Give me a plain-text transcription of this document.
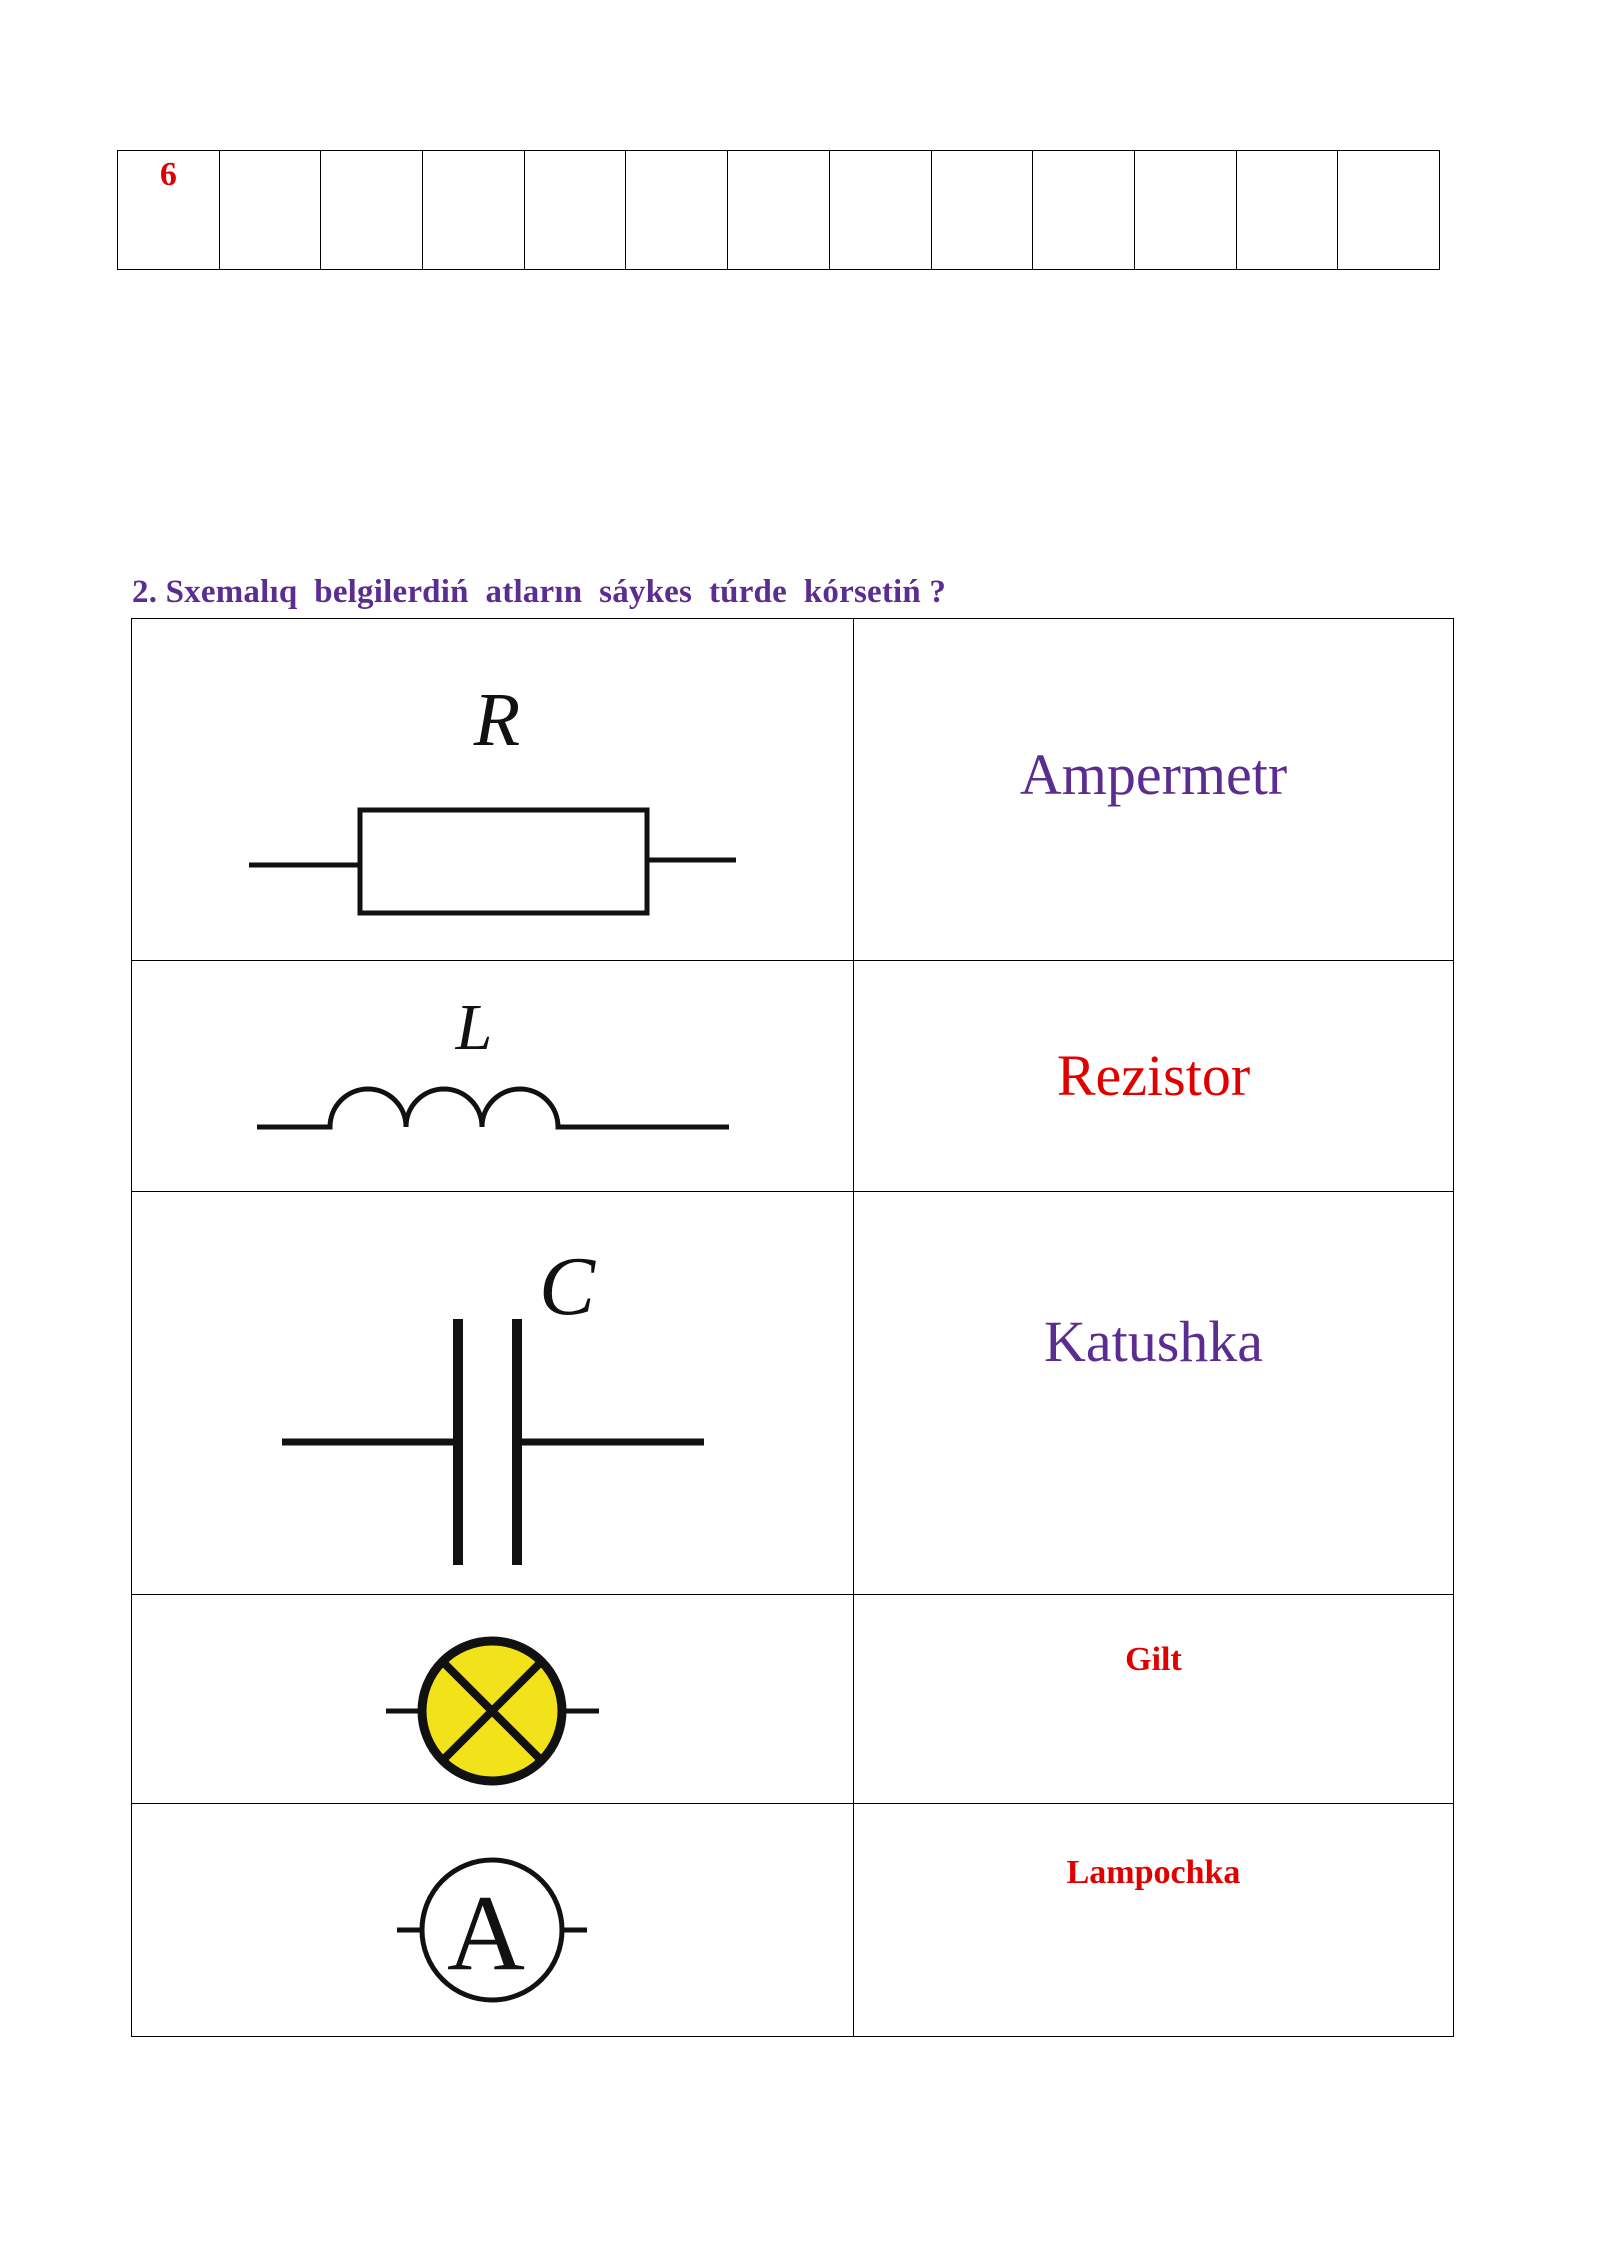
6

2. Sxemalıq  belgilerdiń  atların  sáykes  túrde  kórsetiń ?
R	Ampermetr

L	Rezistor

C	Katushka

Gilt

A	Lampochka
